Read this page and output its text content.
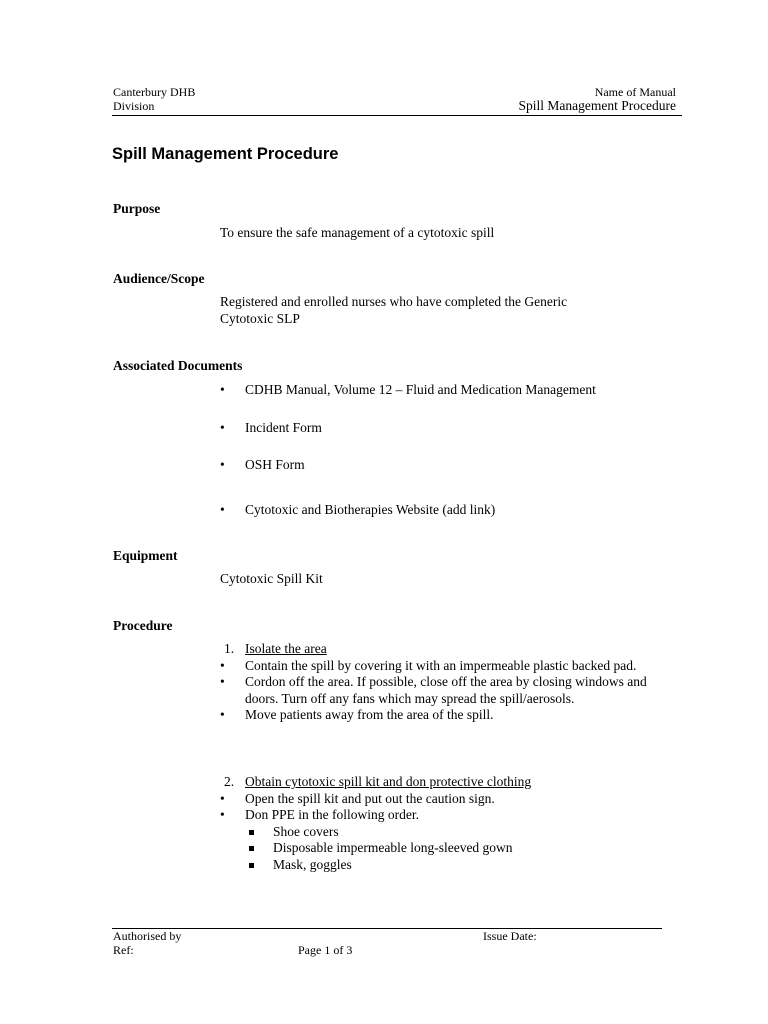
Canterbury DHB
Division
Name of Manual
Spill Management Procedure
Spill Management Procedure
Purpose
To ensure the safe management of a cytotoxic spill
Audience/Scope
Registered and enrolled nurses who have completed the Generic Cytotoxic SLP
Associated Documents
• CDHB Manual, Volume 12 – Fluid and Medication Management
• Incident Form
• OSH Form
• Cytotoxic and Biotherapies Website (add link)
Equipment
Cytotoxic Spill Kit
Procedure
1. Isolate the area
• Contain the spill by covering it with an impermeable plastic backed pad.
• Cordon off the area. If possible, close off the area by closing windows and doors. Turn off any fans which may spread the spill/aerosols.
• Move patients away from the area of the spill.
2. Obtain cytotoxic spill kit and don protective clothing
• Open the spill kit and put out the caution sign.
• Don PPE in the following order.
Shoe covers
Disposable impermeable long-sleeved gown
Mask, goggles
Authorised by
Ref:	Page 1 of 3
Issue Date:
